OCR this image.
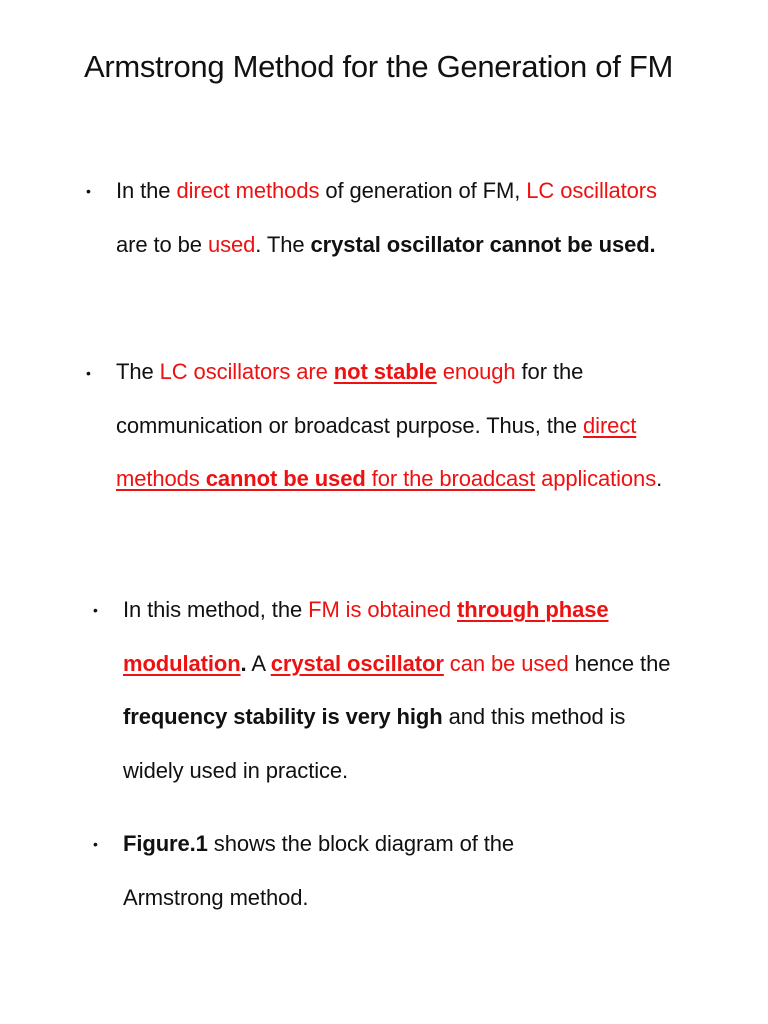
Armstrong Method for the Generation of FM
• In the direct methods of generation of FM, LC oscillators are to be used. The crystal oscillator cannot be used.
• The LC oscillators are not stable enough for the communication or broadcast purpose. Thus, the direct methods cannot be used for the broadcast applications.
• In this method, the FM is obtained through phase modulation. A crystal oscillator can be used hence the frequency stability is very high and this method is widely used in practice.
• Figure.1 shows the block diagram of the Armstrong method.
